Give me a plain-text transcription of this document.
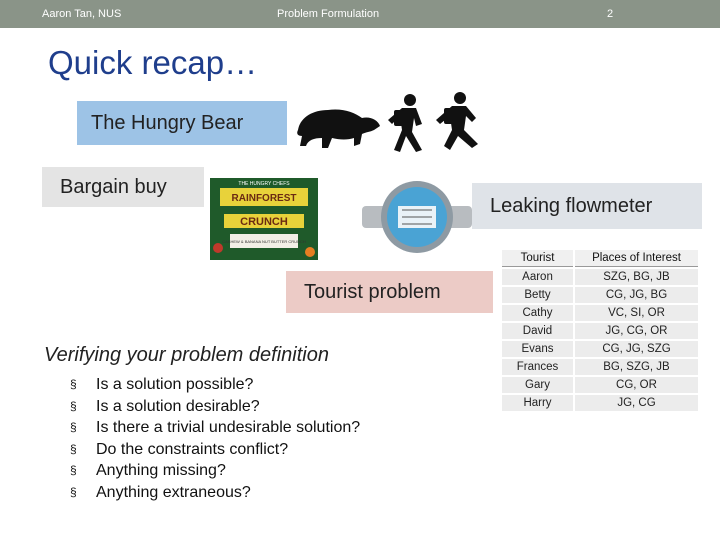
Aaron Tan, NUS	Problem Formulation	2
Quick recap…
The Hungry Bear
Bargain buy	THE HUNGRY CHEFS
RAINFOREST
CRUNCH
CASHEW & BANANA NUT BUTTER CRUNCH
Leaking flowmeter
Tourist problem
Verifying your problem definition
§ Is a solution possible?
§ Is a solution desirable?
§ Is there a trivial undesirable solution?
§ Do the constraints conflict?
§ Anything missing?
§ Anything extraneous?
Tourist	Places of Interest
Aaron	SZG, BG, JB
Betty	CG, JG, BG
Cathy	VC, SI, OR
David	JG, CG, OR
Evans	CG, JG, SZG
Frances	BG, SZG, JB
Gary	CG, OR
Harry	JG, CG
